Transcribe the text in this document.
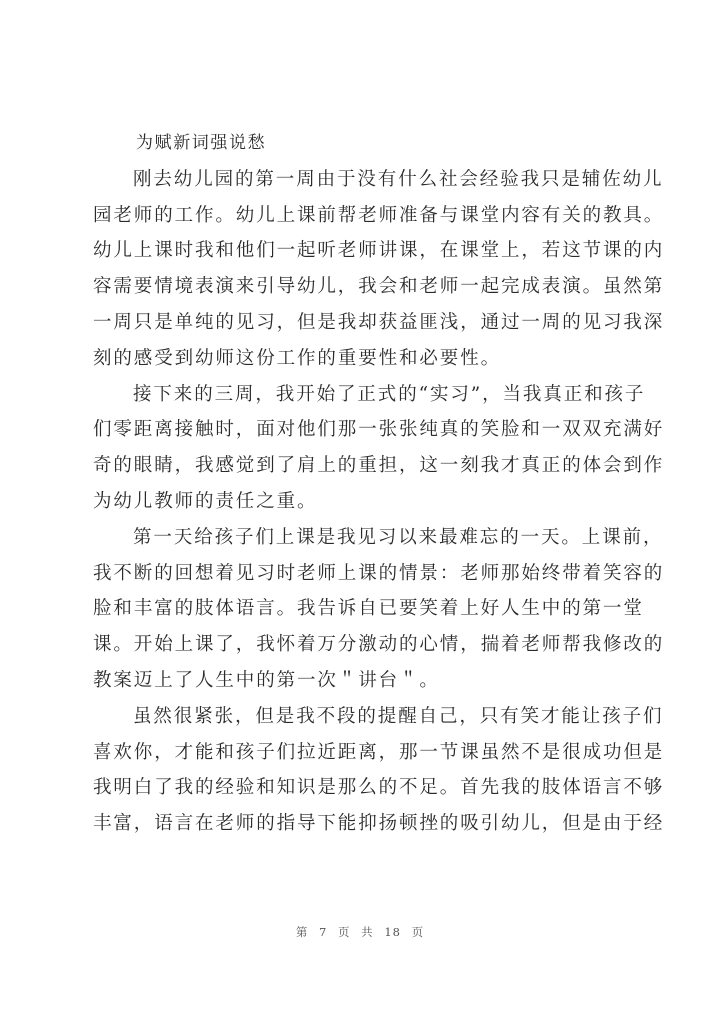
为赋新词强说愁
刚去幼儿园的第一周由于没有什么社会经验我只是辅佐幼儿
园老师的工作。幼儿上课前帮老师准备与课堂内容有关的教具。
幼儿上课时我和他们一起听老师讲课，在课堂上，若这节课的内
容需要情境表演来引导幼儿，我会和老师一起完成表演。虽然第
一周只是单纯的见习，但是我却获益匪浅，通过一周的见习我深
刻的感受到幼师这份工作的重要性和必要性。
接下来的三周，我开始了正式的“实习”，当我真正和孩子
们零距离接触时，面对他们那一张张纯真的笑脸和一双双充满好
奇的眼睛，我感觉到了肩上的重担，这一刻我才真正的体会到作
为幼儿教师的责任之重。
第一天给孩子们上课是我见习以来最难忘的一天。上课前，
我不断的回想着见习时老师上课的情景：老师那始终带着笑容的
脸和丰富的肢体语言。我告诉自已要笑着上好人生中的第一堂
课。开始上课了，我怀着万分激动的心情，揣着老师帮我修改的
教案迈上了人生中的第一次＂讲台＂。
虽然很紧张，但是我不段的提醒自己，只有笑才能让孩子们
喜欢你，才能和孩子们拉近距离，那一节课虽然不是很成功但是
我明白了我的经验和知识是那么的不足。首先我的肢体语言不够
丰富，语言在老师的指导下能抑扬顿挫的吸引幼儿，但是由于经
第 7 页 共 18 页
